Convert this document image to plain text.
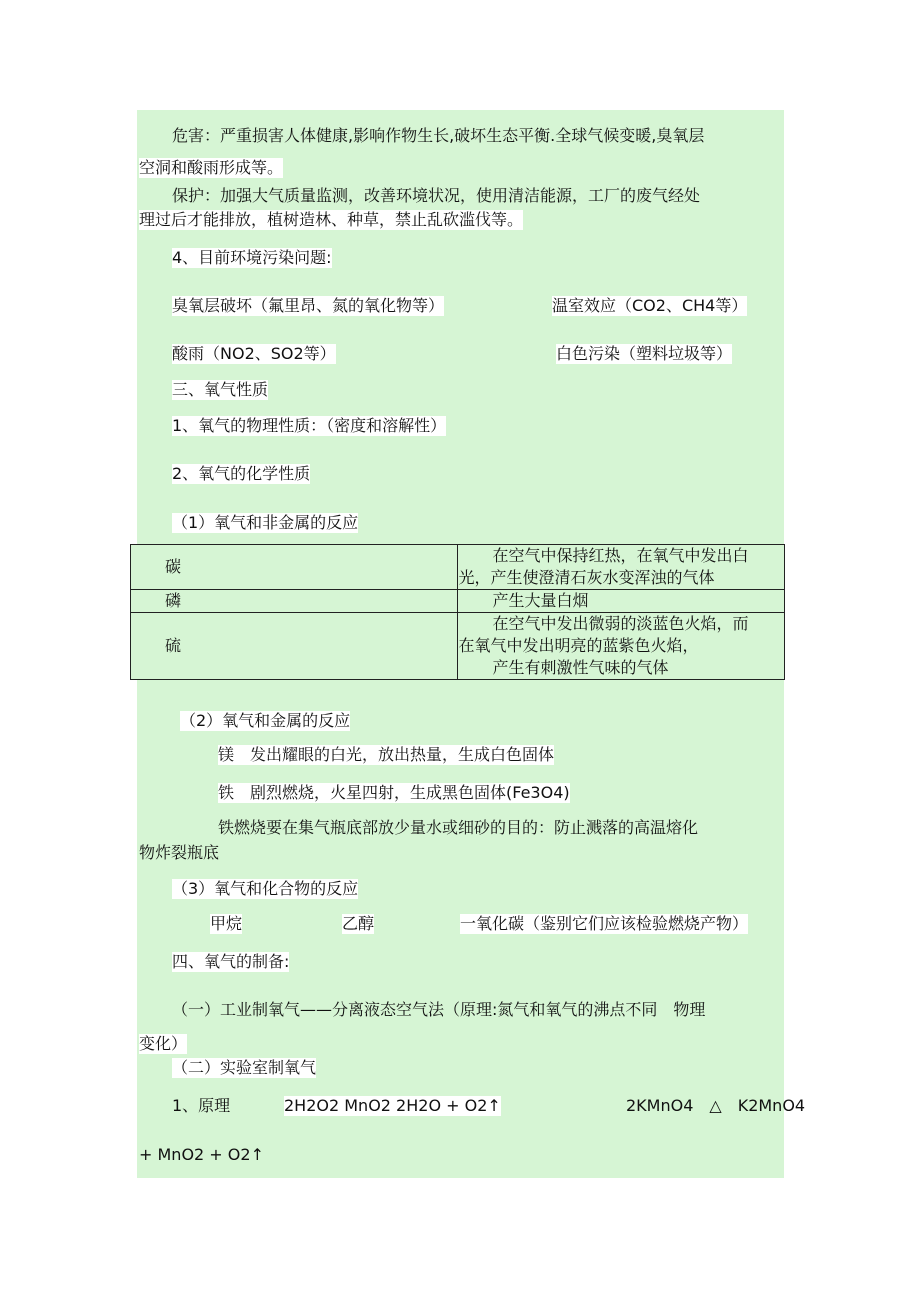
危害：严重损害人体健康,影响作物生长,破坏生态平衡.全球气候变暖,臭氧层
空洞和酸雨形成等。
保护：加强大气质量监测，改善环境状况，使用清洁能源，工厂的废气经处
理过后才能排放，植树造林、种草，禁止乱砍滥伐等。
4、目前环境污染问题:
臭氧层破坏（氟里昂、氮的氧化物等）	温室效应（CO2、CH4等）
酸雨（NO2、SO2等）	白色污染（塑料垃圾等）
三、氧气性质
1、氧气的物理性质：（密度和溶解性）
2、氧气的化学性质
（1）氧气和非金属的反应
碳	在空气中保持红热，在氧气中发出白
光，产生使澄清石灰水变浑浊的气体

磷	产生大量白烟

硫	在空气中发出微弱的淡蓝色火焰，而
在氧气中发出明亮的蓝紫色火焰，
产生有刺激性气味的气体
（2）氧气和金属的反应
镁　发出耀眼的白光，放出热量，生成白色固体
铁　剧烈燃烧，火星四射，生成黑色固体(Fe3O4)
铁燃烧要在集气瓶底部放少量水或细砂的目的：防止溅落的高温熔化
物炸裂瓶底
（3）氧气和化合物的反应
甲烷	乙醇	一氧化碳（鉴别它们应该检验燃烧产物）
四、氧气的制备:
（一）工业制氧气——分离液态空气法（原理:氮气和氧气的沸点不同　物理
变化）
（二）实验室制氧气
1、原理	2H2O2 MnO2 2H2O + O2↑	2KMnO4　△　K2MnO4
+ MnO2 + O2↑
